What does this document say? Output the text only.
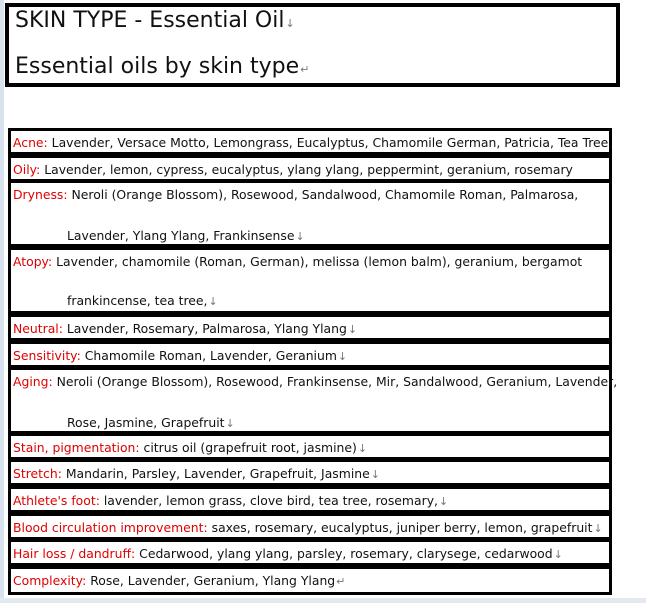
SKIN TYPE - Essential Oil↓
Essential oils by skin type↵
Acne: Lavender, Versace Motto, Lemongrass, Eucalyptus, Chamomile German, Patricia, Tea Tree,
Oily: Lavender, lemon, cypress, eucalyptus, ylang ylang, peppermint, geranium, rosemary
Dryness: Neroli (Orange Blossom), Rosewood, Sandalwood, Chamomile Roman, Palmarosa,
Lavender, Ylang Ylang, Frankinsense↓
Atopy: Lavender, chamomile (Roman, German), melissa (lemon balm), geranium, bergamot
frankincense, tea tree,↓
Neutral: Lavender, Rosemary, Palmarosa, Ylang Ylang↓
Sensitivity: Chamomile Roman, Lavender, Geranium↓
Aging: Neroli (Orange Blossom), Rosewood, Frankinsense, Mir, Sandalwood, Geranium, Lavender,
Rose, Jasmine, Grapefruit↓
Stain, pigmentation: citrus oil (grapefruit root, jasmine)↓
Stretch: Mandarin, Parsley, Lavender, Grapefruit, Jasmine↓
Athlete's foot: lavender, lemon grass, clove bird, tea tree, rosemary,↓
Blood circulation improvement: saxes, rosemary, eucalyptus, juniper berry, lemon, grapefruit↓
Hair loss / dandruff: Cedarwood, ylang ylang, parsley, rosemary, clarysege, cedarwood↓
Complexity: Rose, Lavender, Geranium, Ylang Ylang↵
